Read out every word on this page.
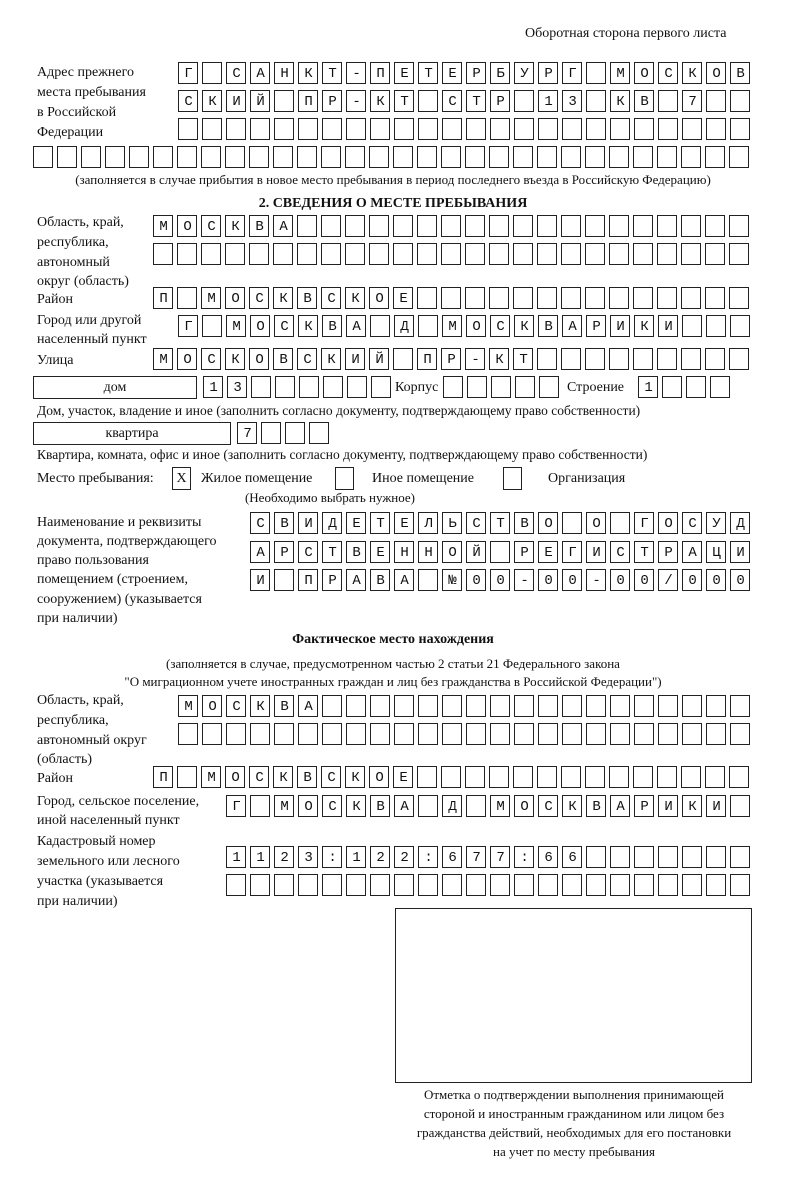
Оборотная сторона первого листа
Адрес прежнего
места пребывания
в Российской
Федерации
Г САНКТ-ПЕТЕРБУРГ МОСКОВ
СКИЙ ПР-КТ СТР 13 КВ 7
(заполняется в случае прибытия в новое место пребывания в период последнего въезда в Российскую Федерацию)
2. СВЕДЕНИЯ О МЕСТЕ ПРЕБЫВАНИЯ
Область, край,
республика,
автономный
округ (область)
МОСКВА
Район	П МОСКВСКОЕ
Город или другой
населенный пункт
Г МОСКВА Д МОСКВАРИКИ
Улица	МОСКОВСКИЙ ПР-КТ
дом	13	Корпус	Строение	1
Дом, участок, владение и иное (заполнить согласно документу, подтверждающему право собственности)
квартира	7
Квартира, комната, офис и иное (заполнить согласно документу, подтверждающему право собственности)
Место пребывания:	X	Жилое помещение	Иное помещение	Организация
(Необходимо выбрать нужное)
Наименование и реквизиты
документа, подтверждающего
право пользования
помещением (строением,
сооружением) (указывается
при наличии)
СВИДЕТЕЛЬСТВО О ГОСУД
АРСТВЕННОЙ РЕГИСТРАЦИ
И ПРАВА №00-00-00/000
Фактическое место нахождения
(заполняется в случае, предусмотренном частью 2 статьи 21 Федерального закона
"О миграционном учете иностранных граждан и лиц без гражданства в Российской Федерации")
Область, край,
республика,
автономный округ
(область)
МОСКВА
Район	П МОСКВСКОЕ
Город, сельское поселение,
иной населенный пункт
Г МОСКВА Д МОСКВАРИКИ
Кадастровый номер
земельного или лесного
участка (указывается
при наличии)
1123:122:677:66
Отметка о подтверждении выполнения принимающей
стороной и иностранным гражданином или лицом без
гражданства действий, необходимых для его постановки
на учет по месту пребывания
